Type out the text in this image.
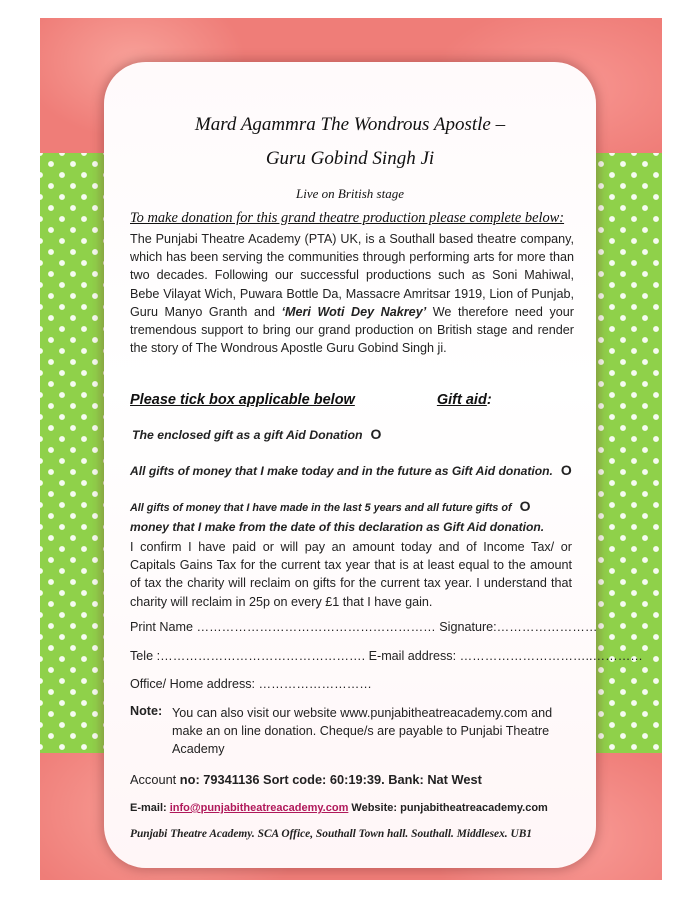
Mard Agammra The Wondrous Apostle –

Guru Gobind Singh Ji

Live on British stage

To make donation for this grand theatre production please complete below:
The Punjabi Theatre Academy (PTA) UK, is a Southall based theatre company, which has been serving the communities through performing arts for more than two decades. Following our successful productions such as Soni Mahiwal, Bebe Vilayat Wich, Puwara Bottle Da, Massacre Amritsar 1919, Lion of Punjab, Guru Manyo Granth and ‘Meri Woti Dey Nakrey’ We therefore need your tremendous support to bring our grand production on British stage and render the story of The Wondrous Apostle Guru Gobind Singh ji.
Please tick box applicable below	Gift aid:
The enclosed gift as a gift Aid Donation O
All gifts of money that I make today and in the future as Gift Aid donation. O
All gifts of money that I have made in the last 5 years and all future gifts of O
money that I make from the date of this declaration as Gift Aid donation.
I confirm I have paid or will pay an amount today and of Income Tax/ or Capitals Gains Tax for the current tax year that is at least equal to the amount of tax the charity will reclaim on gifts for the current tax year. I understand that charity will reclaim in 25p on every £1 that I have gain.
Print Name ………………………………………………… Signature:……………………
Tele :…………………………………………. E-mail address: …………………………..…………
Office/ Home address: ………………………
Note: You can also visit our website www.punjabitheatreacademy.com and make an on line donation. Cheque/s are payable to Punjabi Theatre Academy
Account no: 79341136 Sort code: 60:19:39. Bank: Nat West
E-mail: info@punjabitheatreacademy.com Website: punjabitheatreacademy.com
Punjabi Theatre Academy. SCA Office, Southall Town hall. Southall. Middlesex. UB1
